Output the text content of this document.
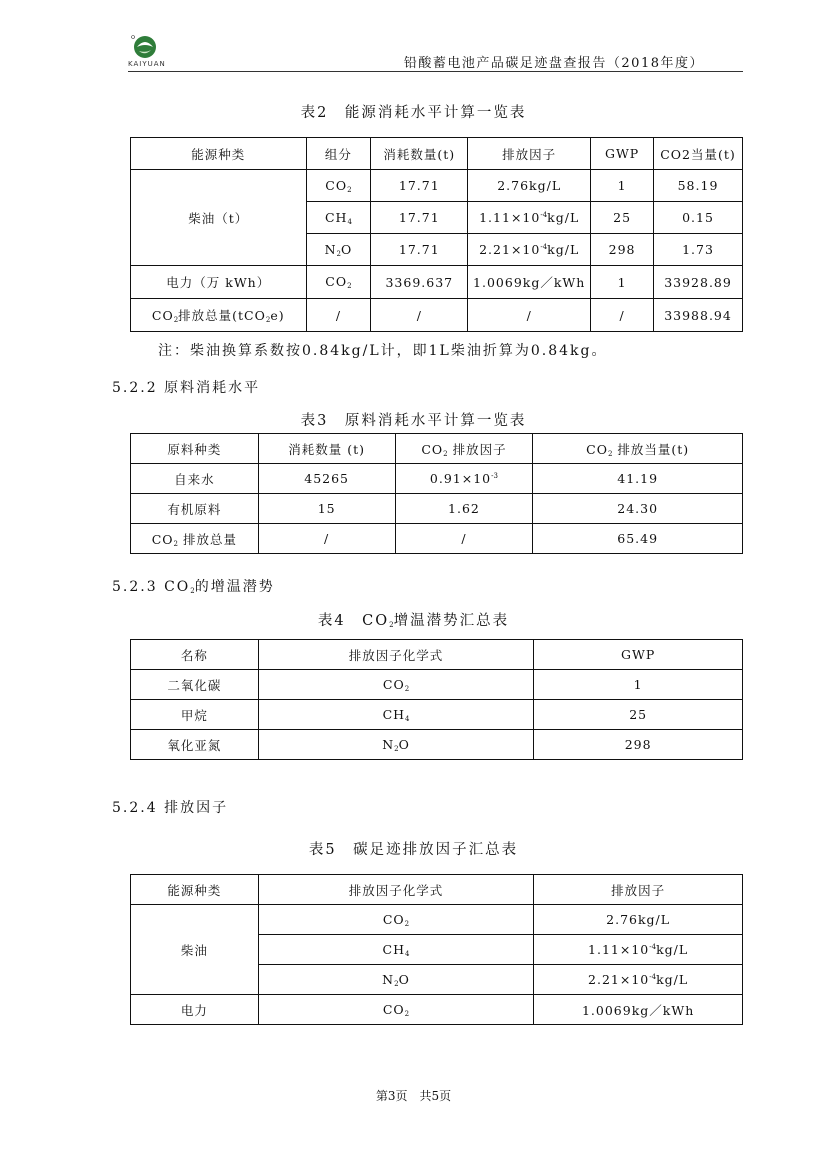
KAIYUAN	铅酸蓄电池产品碳足迹盘查报告（2018年度）
表2　能源消耗水平计算一览表
能源种类	组分	消耗数量(t)	排放因子	GWP	CO2当量(t)
柴油（t）	$CO_2$	17.71	2.76kg/L	1	58.19
	$CH_4$	17.71	$1.11\times 10^{-4}kg/L$	25	0.15
	$N_2O$	17.71	$2.21\times 10^{-4}kg/L$	298	1.73
电力（万 kWh）	$CO_2$	3369.637	1.0069kg／kWh	1	33928.89
$CO_2$排放总量(tCO$_2$e)	/	/	/	/	33988.94
注：柴油换算系数按0.84kg/L计，即1L柴油折算为0.84kg。
5.2.2 原料消耗水平
表3　原料消耗水平计算一览表
原料种类	消耗数量 (t)	$CO_2$ 排放因子	$CO_2$ 排放当量(t)
自来水	45265	$0.91\times 10^{-3}$	41.19
有机原料	15	1.62	24.30
$CO_2$ 排放总量	/	/	65.49
5.2.3 $CO_2$的增温潜势
表4　$CO_2$增温潜势汇总表
名称	排放因子化学式	GWP
二氧化碳	$CO_2$	1
甲烷	$CH_4$	25
氧化亚氮	$N_2O$	298
5.2.4 排放因子
表5　碳足迹排放因子汇总表
能源种类	排放因子化学式	排放因子
柴油	$CO_2$	2.76kg/L
	$CH_4$	$1.11\times 10^{-4}kg/L$
	$N_2O$	$2.21\times 10^{-4}kg/L$
电力	$CO_2$	1.0069kg／kWh
第3页　共5页
